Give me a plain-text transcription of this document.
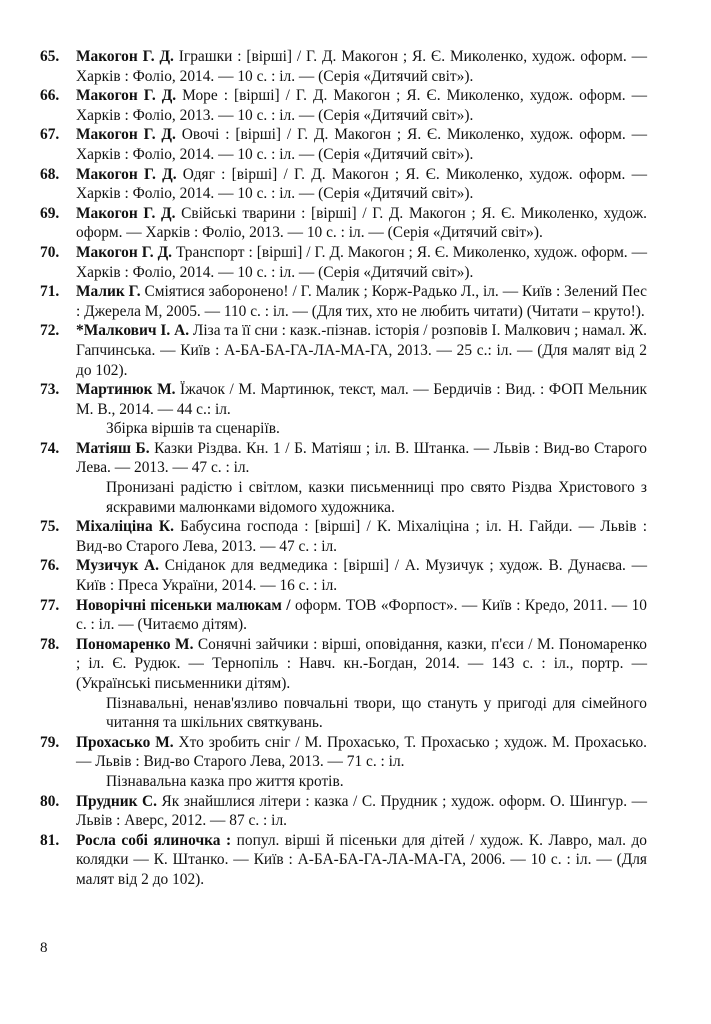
65. Макогон Г. Д. Іграшки : [вірші] / Г. Д. Макогон ; Я. Є. Миколенко, худож. оформ. — Харків : Фоліо, 2014. — 10 с. : іл. — (Серія «Дитячий світ»).

66. Макогон Г. Д. Море : [вірші] / Г. Д. Макогон ; Я. Є. Миколенко, худож. оформ. — Харків : Фоліо, 2013. — 10 с. : іл. — (Серія «Дитячий світ»).

67. Макогон Г. Д. Овочі : [вірші] / Г. Д. Макогон ; Я. Є. Миколенко, худож. оформ. — Харків : Фоліо, 2014. — 10 с. : іл. — (Серія «Дитячий світ»).

68. Макогон Г. Д. Одяг : [вірші] / Г. Д. Макогон ; Я. Є. Миколенко, худож. оформ. — Харків : Фоліо, 2014. — 10 с. : іл. — (Серія «Дитячий світ»).

69. Макогон Г. Д. Свійські тварини : [вірші] / Г. Д. Макогон ; Я. Є. Миколенко, худож. оформ. — Харків : Фоліо, 2013. — 10 с. : іл. — (Серія «Дитячий світ»).

70. Макогон Г. Д. Транспорт : [вірші] / Г. Д. Макогон ; Я. Є. Миколенко, худож. оформ. — Харків : Фоліо, 2014. — 10 с. : іл. — (Серія «Дитячий світ»).

71. Малик Г. Сміятися заборонено! / Г. Малик ; Корж-Радько Л., іл. — Київ : Зелений Пес : Джерела М, 2005. — 110 с. : іл. — (Для тих, хто не любить читати) (Читати – круто!).

72. *Малкович І. А. Ліза та її сни : казк.-пізнав. історія / розповів І. Малкович ; намал. Ж. Гапчинська. — Київ : А-БА-БА-ГА-ЛА-МА-ГА, 2013. — 25 с.: іл. — (Для малят від 2 до 102).

73. Мартинюк М. Їжачок / М. Мартинюк, текст, мал. — Бердичів : Вид. : ФОП Мельник М. В., 2014. — 44 с.: іл.

Збірка віршів та сценаріїв.

74. Матіяш Б. Казки Різдва. Кн. 1 / Б. Матіяш ; іл. В. Штанка. — Львів : Вид-во Старого Лева. — 2013. — 47 с. : іл.

Пронизані радістю і світлом, казки письменниці про свято Різдва Христового з яскравими малюнками відомого художника.

75. Міхаліціна К. Бабусина господа : [вірші] / К. Міхаліціна ; іл. Н. Гайди. — Львів : Вид-во Старого Лева, 2013. — 47 с. : іл.

76. Музичук А. Сніданок для ведмедика : [вірші] / А. Музичук ; худож. В. Дунаєва. — Київ : Преса України, 2014. — 16 с. : іл.

77. Новорічні пісеньки малюкам / оформ. ТОВ «Форпост». — Київ : Кредо, 2011. — 10 с. : іл. — (Читаємо дітям).

78. Пономаренко М. Сонячні зайчики : вірші, оповідання, казки, п'єси / М. Пономаренко ; іл. Є. Рудюк. — Тернопіль : Навч. кн.-Богдан, 2014. — 143 с. : іл., портр. — (Українські письменники дітям).

Пізнавальні, ненав'язливо повчальні твори, що стануть у пригоді для сімейного читання та шкільних святкувань.

79. Прохасько М. Хто зробить сніг / М. Прохасько, Т. Прохасько ; худож. М. Прохасько. — Львів : Вид-во Старого Лева, 2013. — 71 с. : іл.

Пізнавальна казка про життя кротів.

80. Прудник С. Як знайшлися літери : казка / С. Прудник ; худож. оформ. О. Шингур. — Львів : Аверс, 2012. — 87 с. : іл.

81. Росла собі ялиночка : попул. вірші й пісеньки для дітей / худож. К. Лавро, мал. до колядки — К. Штанко. — Київ : А-БА-БА-ГА-ЛА-МА-ГА, 2006. — 10 с. : іл. — (Для малят від 2 до 102).

8
